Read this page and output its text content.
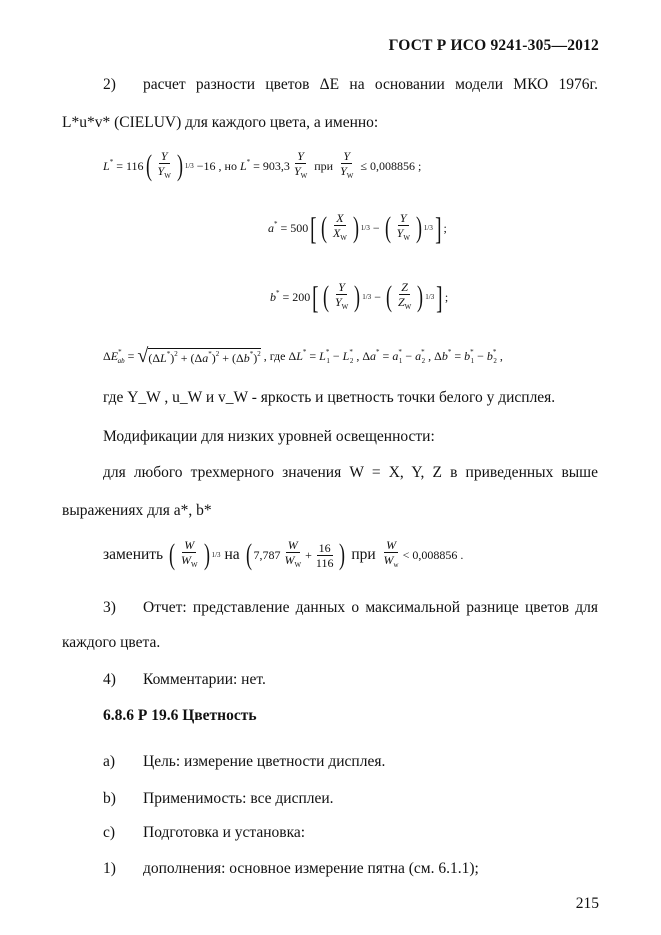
ГОСТ Р ИСО 9241-305—2012
2) расчет разности цветов ΔE на основании модели МКО 1976г.
L*u*v* (CIELUV) для каждого цвета, а именно:
L* = 116 ( $\frac{Y}{Y_W}$ ) 1/3 −16 , но $L^* = 903,3 \frac{Y}{Y_W}$ при $\frac{Y}{Y_W} \le 0,008856$ ;
a* = 500 [ ( $\frac{X}{X_W}$ ) 1/3 − ( $\frac{Y}{Y_W}$ ) 1/3 ] ;
b* = 200 [ ( $\frac{Y}{Y_W}$ ) 1/3 − ( $\frac{Z}{Z_W}$ ) 1/3 ] ;
$\Delta E^*_{ab}$ = √ $(\Delta L^*)^2 + (\Delta a^*)^2 + (\Delta b^*)^2$ , где $\Delta L^* = L^*_1 - L^*_2$ , $\Delta a^* = a^*_1 - a^*_2$ , $\Delta b^* = b^*_1 - b^*_2$ ,
где Y_W , u_W и v_W - яркость и цветность точки белого у дисплея.
Модификации для низких уровней освещенности:
для любого трехмерного значения W = X, Y, Z в приведенных выше
выражениях для a*, b*
заменить ( $\frac{W}{W_W}$ ) 1/3 на ( $7,787 \frac{W}{W_W} + \frac{16}{116}$ ) при $\frac{W}{W_w} < 0,008856$ .
3) Отчет: представление данных о максимальной разнице цветов для
каждого цвета.
4) Комментарии: нет.
6.8.6 Р 19.6 Цветность
a) Цель: измерение цветности дисплея.
b) Применимость: все дисплеи.
c) Подготовка и установка:
1) дополнения: основное измерение пятна (см. 6.1.1);
215
